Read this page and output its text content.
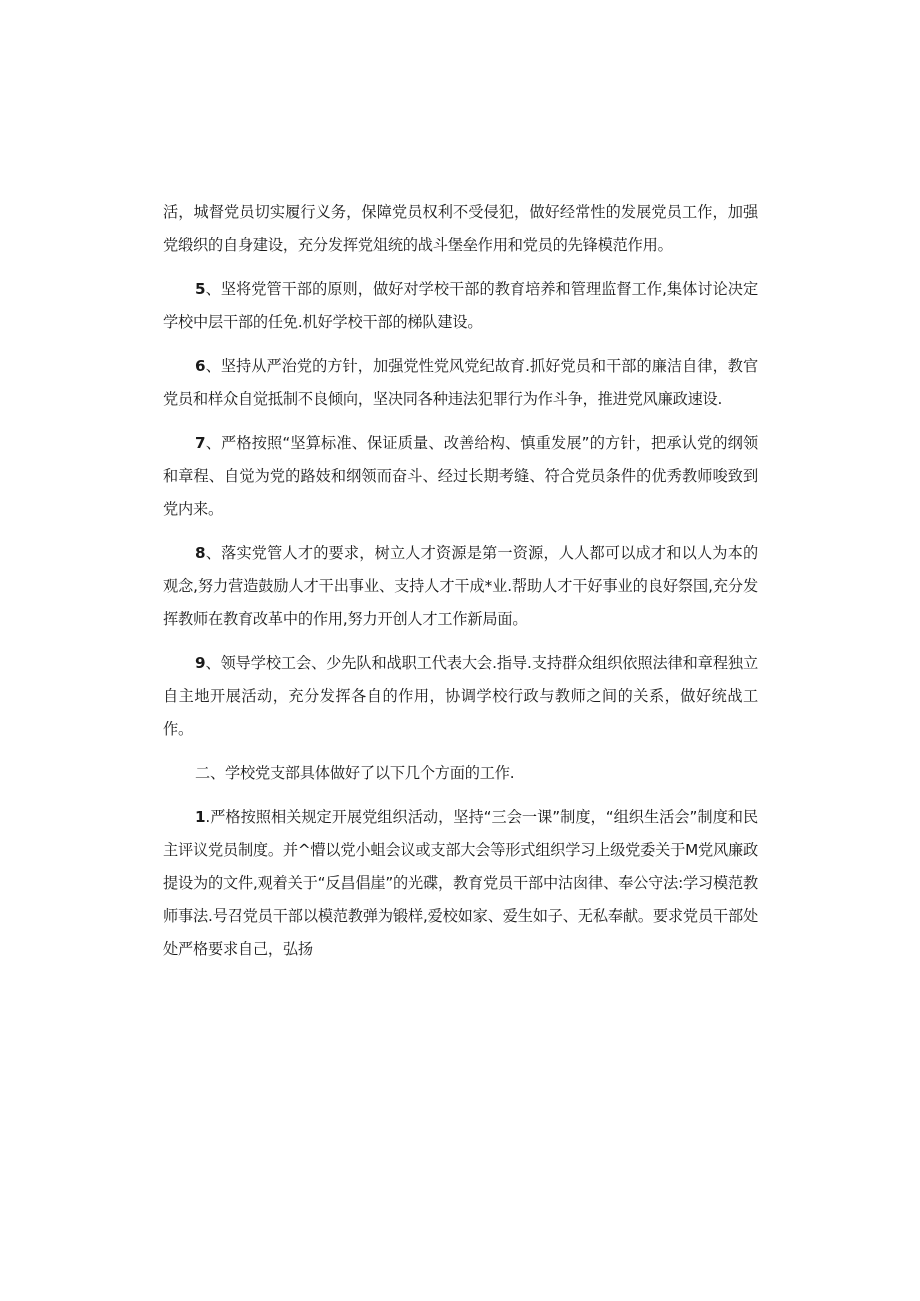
活，城督党员切实履行义务，保障党员权利不受侵犯，做好经常性的发展党员工作，加强党缎织的自身建设，充分发挥党俎统的战斗堡垒作用和党员的先锋模范作用。

5、坚将党管干部的原则，做好对学校干部的教育培养和管理监督工作,集体讨论决定学校中层干部的任免.机好学校干部的梯队建设。

6、坚持从严治党的方针，加强党性党风党纪故育.抓好党员和干部的廉洁自律，教官党员和样众自觉抵制不良倾向，坚决同各种违法犯罪行为作斗争，推进党风廉政速设.

7、严格按照“坚算标准、保证质量、改善给构、慎重发展”的方针，把承认党的纲领和章程、自觉为党的路妓和纲领而奋斗、经过长期考缝、符合党员条件的优秀教师唆致到党内来。

8、落实党管人才的要求，树立人才资源是第一资源，人人都可以成才和以人为本的观念,努力营造鼓励人才干出事业、支持人才干成*业.帮助人才干好事业的良好祭国,充分发挥教师在教育改革中的作用,努力开创人才工作新局面。

9、领导学校工会、少先队和战职工代表大会.指导.支持群众组织依照法律和章程独立自主地开展活动，充分发挥各自的作用，协调学校行政与教师之间的关系，做好统战工作。

二、学校党支部具体做好了以下几个方面的工作.

1.严格按照相关规定开展党组织活动，坚持“三会一课”制度，“组织生活会”制度和民主评议党员制度。并^懵以党小蛆会议或支部大会等形式组织学习上级党委关于M党风廉政提设为的文件,观着关于“反昌倡崖”的光碟，教育党员干部中沽囱律、奉公守法:学习模范教师事法.号召党员干部以模范教弹为锻样,爱校如家、爱生如子、无私奉献。要求党员干部处处严格要求自己，弘扬
